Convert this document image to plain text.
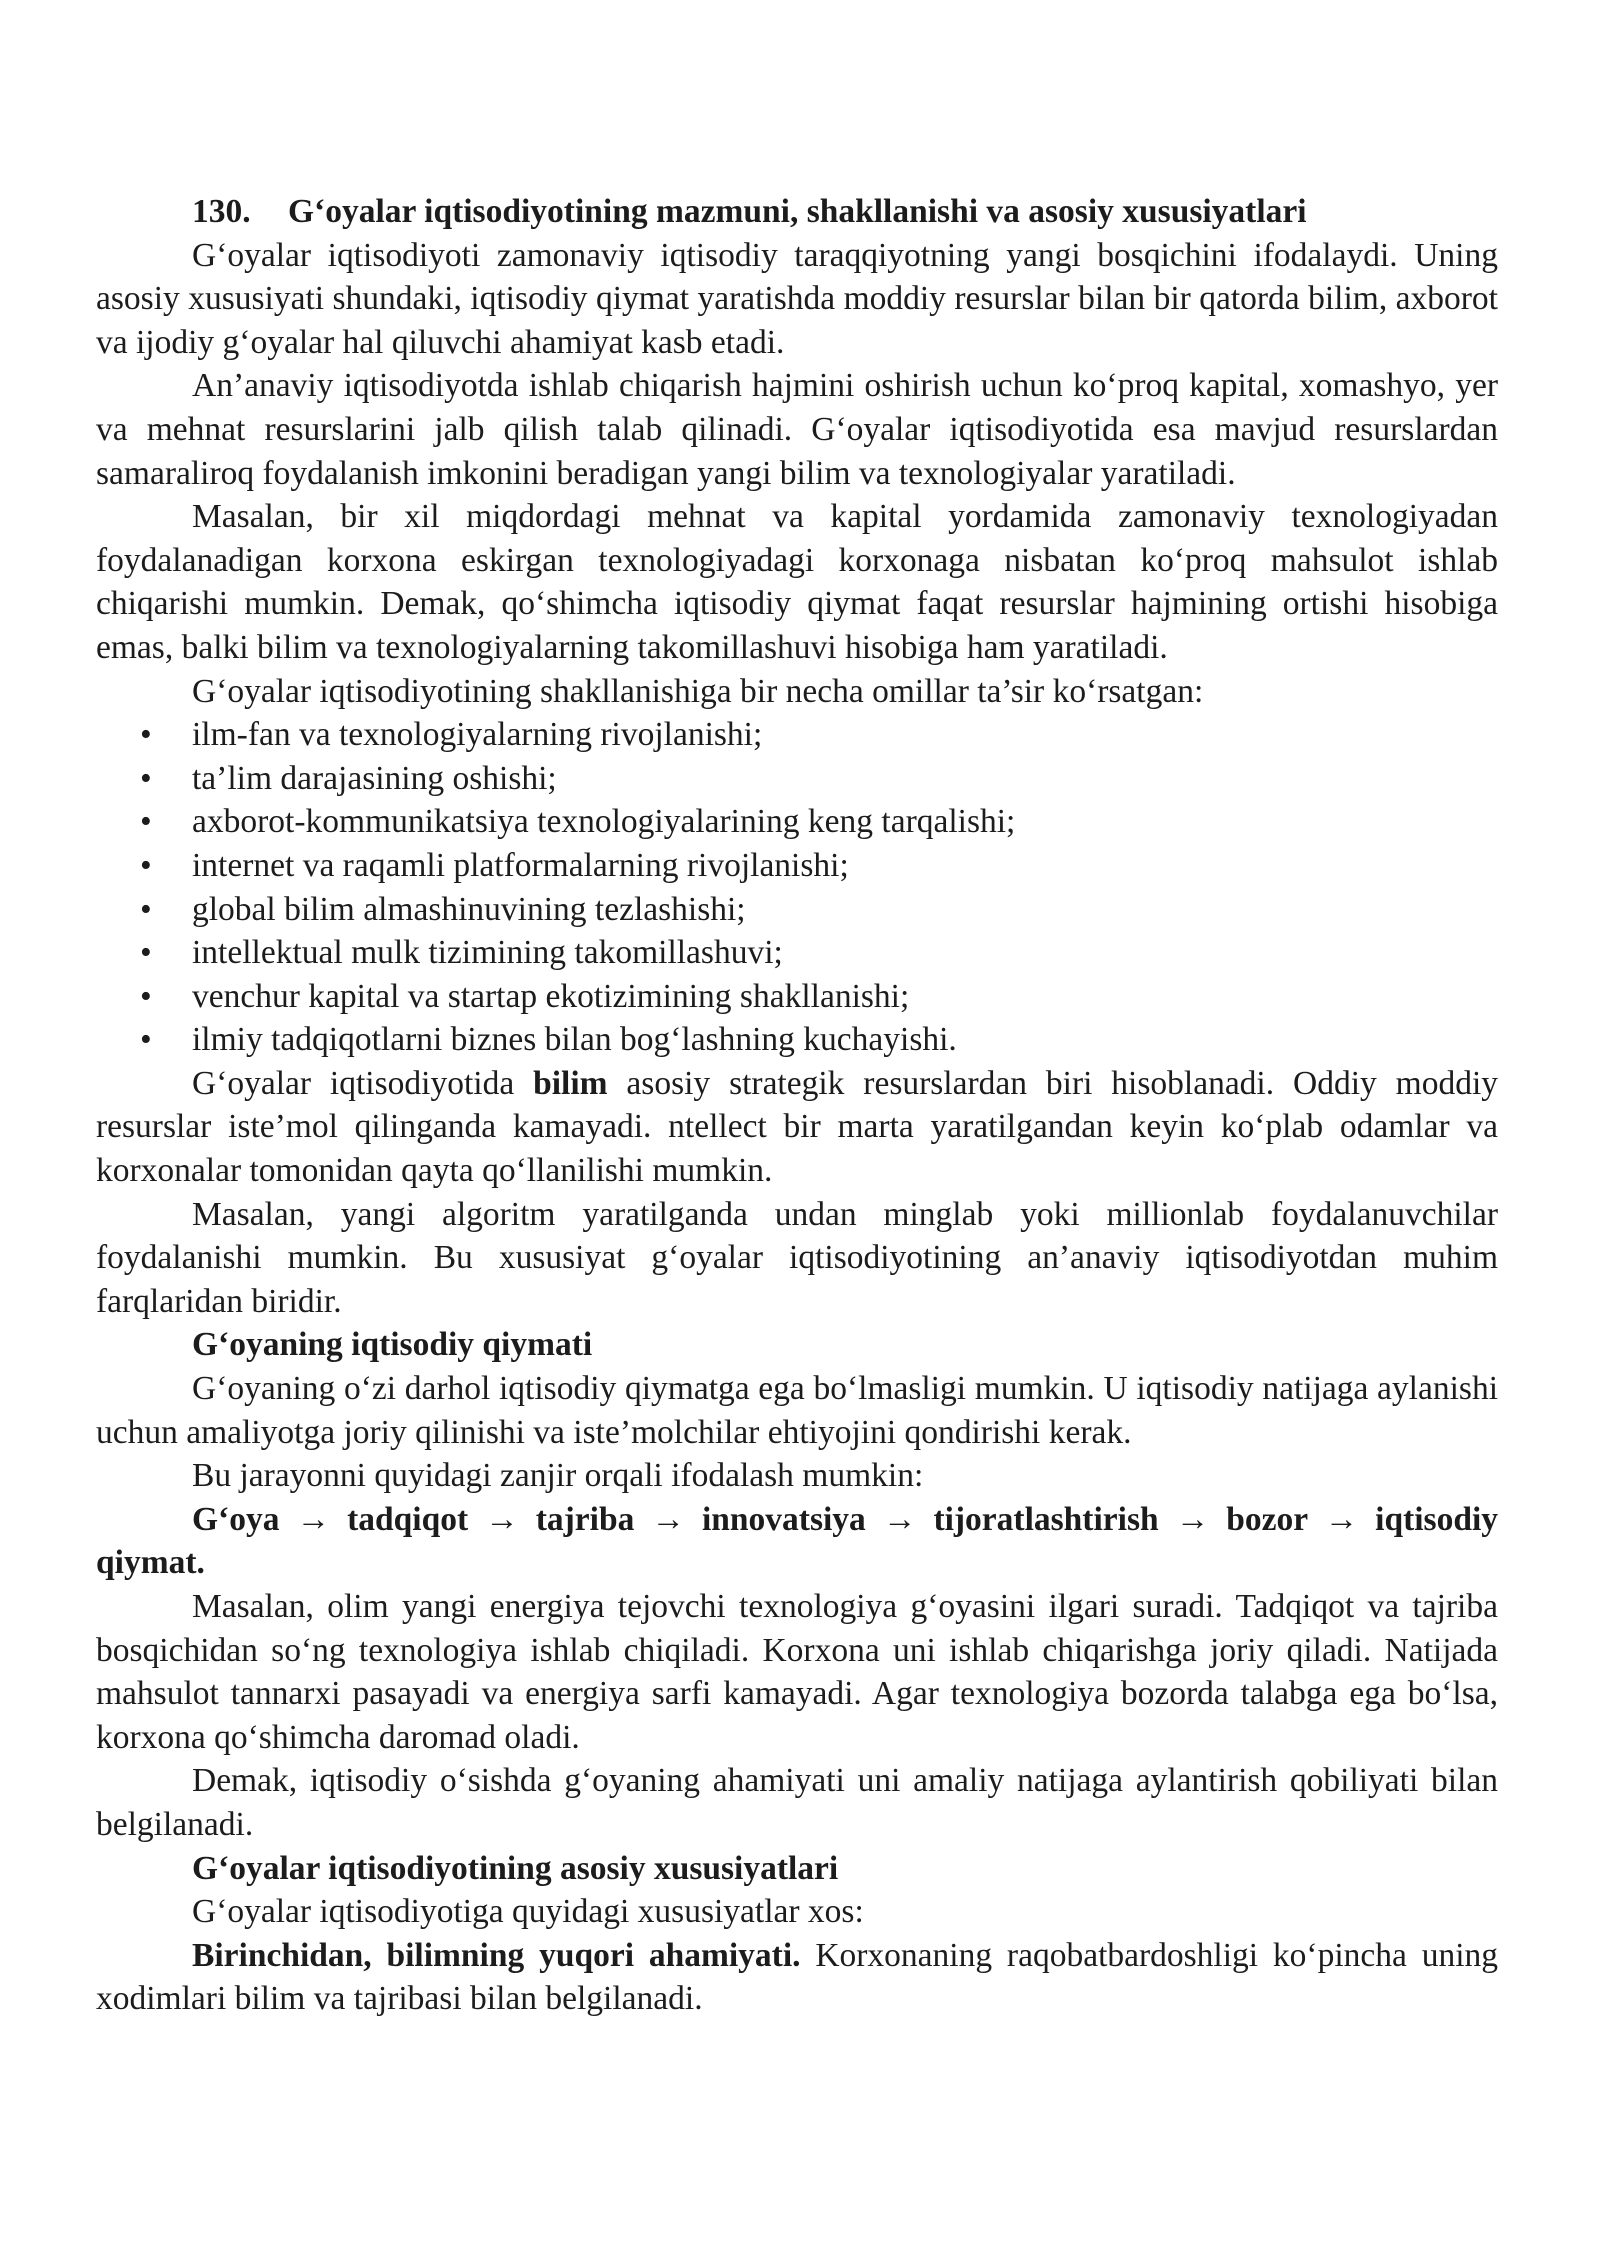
130. G‘oyalar iqtisodiyotining mazmuni, shakllanishi va asosiy xususiyatlari

G‘oyalar iqtisodiyoti zamonaviy iqtisodiy taraqqiyotning yangi bosqichini ifodalaydi. Uning asosiy xususiyati shundaki, iqtisodiy qiymat yaratishda moddiy resurslar bilan bir qatorda bilim, axborot va ijodiy g‘oyalar hal qiluvchi ahamiyat kasb etadi.

An’anaviy iqtisodiyotda ishlab chiqarish hajmini oshirish uchun ko‘proq kapital, xomashyo, yer va mehnat resurslarini jalb qilish talab qilinadi. G‘oyalar iqtisodiyotida esa mavjud resurslardan samaraliroq foydalanish imkonini beradigan yangi bilim va texnologiyalar yaratiladi.

Masalan, bir xil miqdordagi mehnat va kapital yordamida zamonaviy texnologiyadan foydalanadigan korxona eskirgan texnologiyadagi korxonaga nisbatan ko‘proq mahsulot ishlab chiqarishi mumkin. Demak, qo‘shimcha iqtisodiy qiymat faqat resurslar hajmining ortishi hisobiga emas, balki bilim va texnologiyalarning takomillashuvi hisobiga ham yaratiladi.

G‘oyalar iqtisodiyotining shakllanishiga bir necha omillar ta’sir ko‘rsatgan:

• ilm-fan va texnologiyalarning rivojlanishi;
• ta’lim darajasining oshishi;
• axborot-kommunikatsiya texnologiyalarining keng tarqalishi;
• internet va raqamli platformalarning rivojlanishi;
• global bilim almashinuvining tezlashishi;
• intellektual mulk tizimining takomillashuvi;
• venchur kapital va startap ekotizimining shakllanishi;
• ilmiy tadqiqotlarni biznes bilan bog‘lashning kuchayishi.

G‘oyalar iqtisodiyotida bilim asosiy strategik resurslardan biri hisoblanadi. Oddiy moddiy resurslar iste’mol qilinganda kamayadi. ntellect bir marta yaratilgandan keyin ko‘plab odamlar va korxonalar tomonidan qayta qo‘llanilishi mumkin.

Masalan, yangi algoritm yaratilganda undan minglab yoki millionlab foydalanuvchilar foydalanishi mumkin. Bu xususiyat g‘oyalar iqtisodiyotining an’anaviy iqtisodiyotdan muhim farqlaridan biridir.

G‘oyaning iqtisodiy qiymati

G‘oyaning o‘zi darhol iqtisodiy qiymatga ega bo‘lmasligi mumkin. U iqtisodiy natijaga aylanishi uchun amaliyotga joriy qilinishi va iste’molchilar ehtiyojini qondirishi kerak.

Bu jarayonni quyidagi zanjir orqali ifodalash mumkin:

G‘oya → tadqiqot → tajriba → innovatsiya → tijoratlashtirish → bozor → iqtisodiy qiymat.

Masalan, olim yangi energiya tejovchi texnologiya g‘oyasini ilgari suradi. Tadqiqot va tajriba bosqichidan so‘ng texnologiya ishlab chiqiladi. Korxona uni ishlab chiqarishga joriy qiladi. Natijada mahsulot tannarxi pasayadi va energiya sarfi kamayadi. Agar texnologiya bozorda talabga ega bo‘lsa, korxona qo‘shimcha daromad oladi.

Demak, iqtisodiy o‘sishda g‘oyaning ahamiyati uni amaliy natijaga aylantirish qobiliyati bilan belgilanadi.

G‘oyalar iqtisodiyotining asosiy xususiyatlari

G‘oyalar iqtisodiyotiga quyidagi xususiyatlar xos:

Birinchidan, bilimning yuqori ahamiyati. Korxonaning raqobatbardoshligi ko‘pincha uning xodimlari bilim va tajribasi bilan belgilanadi.
